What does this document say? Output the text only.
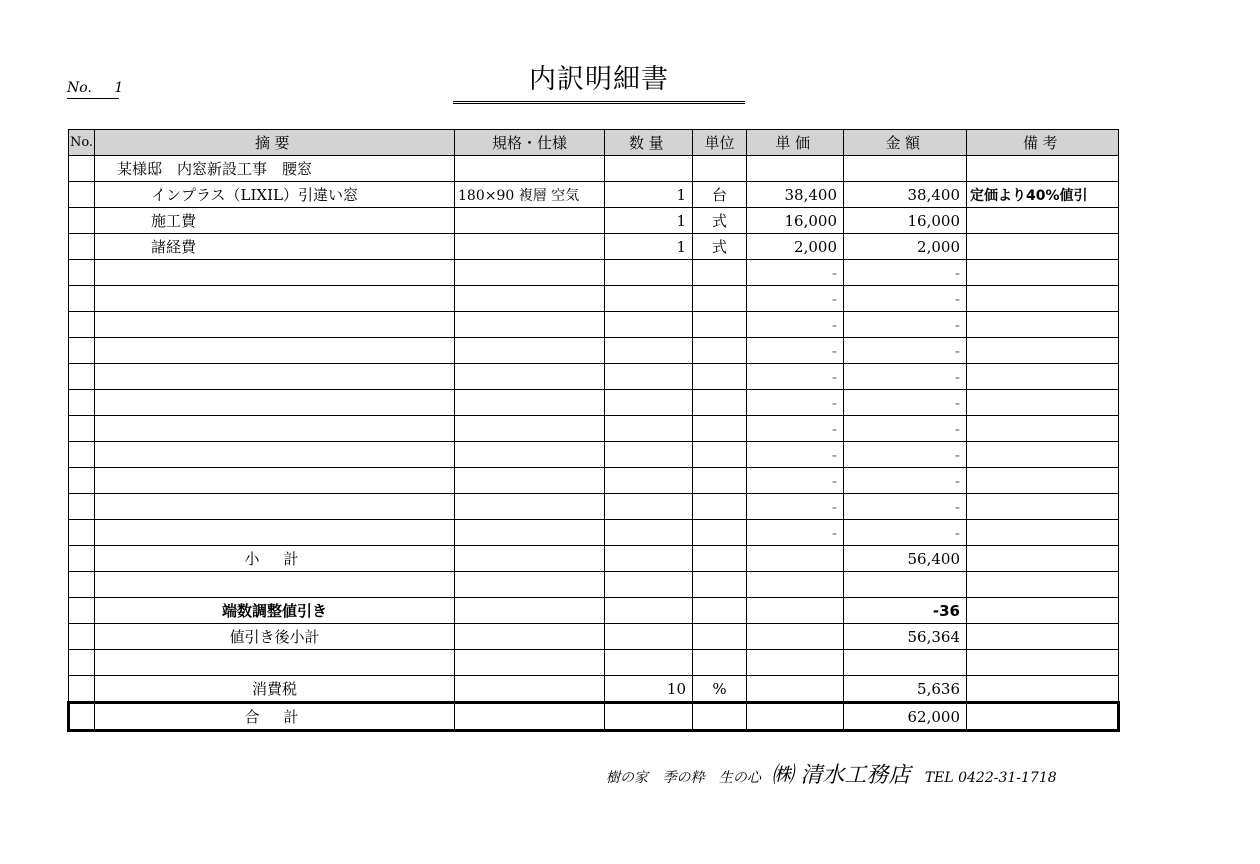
No. 1	内訳明細書
No.	摘要	規格・仕様	数量	単位	単価	金額	備考
	某様邸　内窓新設工事　腰窓						
	インプラス（LIXIL）引違い窓	180×90 複層 空気	1	台	38,400	38,400	定価より40%値引
	施工費		1	式	16,000	16,000	
	諸経費		1	式	2,000	2,000	
					-	-	
					-	-	
					-	-	
					-	-	
					-	-	
					-	-	
					-	-	
					-	-	
					-	-	
					-	-	
					-	-	
	小計					56,400	

	端数調整値引き					-36	
	値引き後小計					56,364	

	消費税		10	%		5,636	
	合計					62,000	
樹の家 季の粋 生の心 ㈱ 清水工務店 TEL 0422-31-1718
